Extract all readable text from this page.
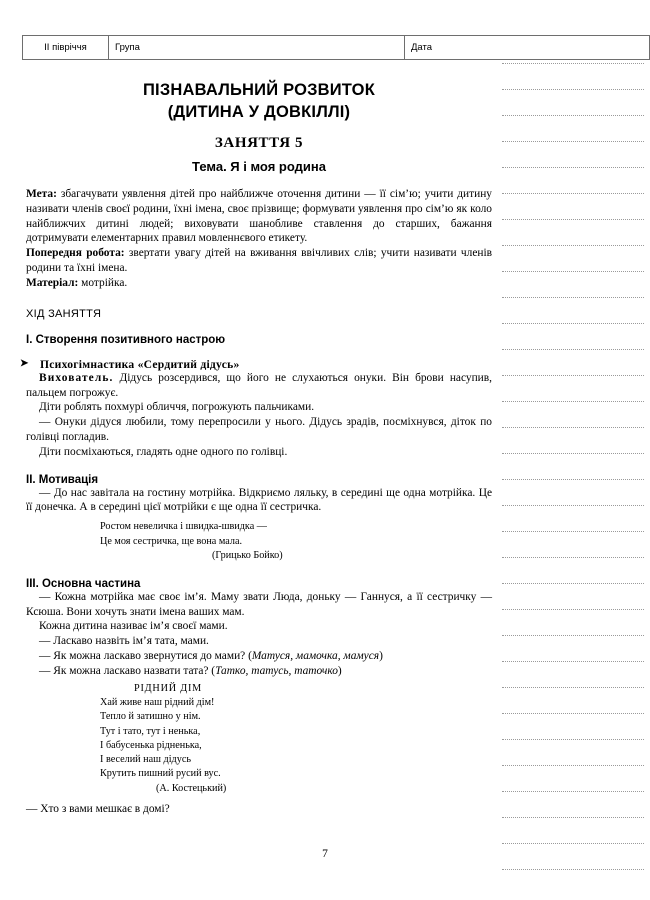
II півріччя	Група	Дата
ПІЗНАВАЛЬНИЙ РОЗВИТОК
(ДИТИНА У ДОВКІЛЛІ)
ЗАНЯТТЯ 5
Тема. Я і моя родина

Мета: збагачувати уявлення дітей про найближче оточення дитини — її сім’ю; учити дитину називати членів своєї родини, їхні імена, своє прізвище; формувати уявлення про сім’ю як коло найближчих дитині людей; виховувати шанобливе ставлення до старших, бажання дотримувати елементарних правил мовленнєвого етикету.

Попередня робота: звертати увагу дітей на вживання ввічливих слів; учити називати членів родини та їхні імена.

Матеріал: мотрійка.

ХІД ЗАНЯТТЯ

I. Створення позитивного настрою

➤ Психогімнастика «Сердитий дідусь»

Вихователь. Дідусь розсердився, що його не слухаються онуки. Він брови насупив, пальцем погрожує.

Діти роблять похмурі обличчя, погрожують пальчиками.

— Онуки дідуся любили, тому перепросили у нього. Дідусь зрадів, посміхнувся, діток по голівці погладив.

Діти посміхаються, гладять одне одного по голівці.

II. Мотивація

— До нас завітала на гостину мотрійка. Відкриємо ляльку, в середині ще одна мотрійка. Це її донечка. А в середині цієї мотрійки є ще одна її сестричка.

Ростом невеличка і швидка-швидка —
Це моя сестричка, ще вона мала.
(Грицько Бойко)

III. Основна частина

— Кожна мотрійка має своє ім’я. Маму звати Люда, доньку — Ганнуся, а її сестричку — Ксюша. Вони хочуть знати імена ваших мам.

Кожна дитина називає ім’я своєї мами.

— Ласкаво назвіть ім’я тата, мами.

— Як можна ласкаво звернутися до мами? (Матуся, мамочка, мамуся)

— Як можна ласкаво назвати тата? (Татко, татусь, таточко)

РІДНИЙ ДІМ
Хай живе наш рідний дім!
Тепло й затишно у нім.
Тут і тато, тут і ненька,
І бабусенька рідненька,
І веселий наш дідусь
Крутить пишний русий вус.
(А. Костецький)

— Хто з вами мешкає в домі?

7
